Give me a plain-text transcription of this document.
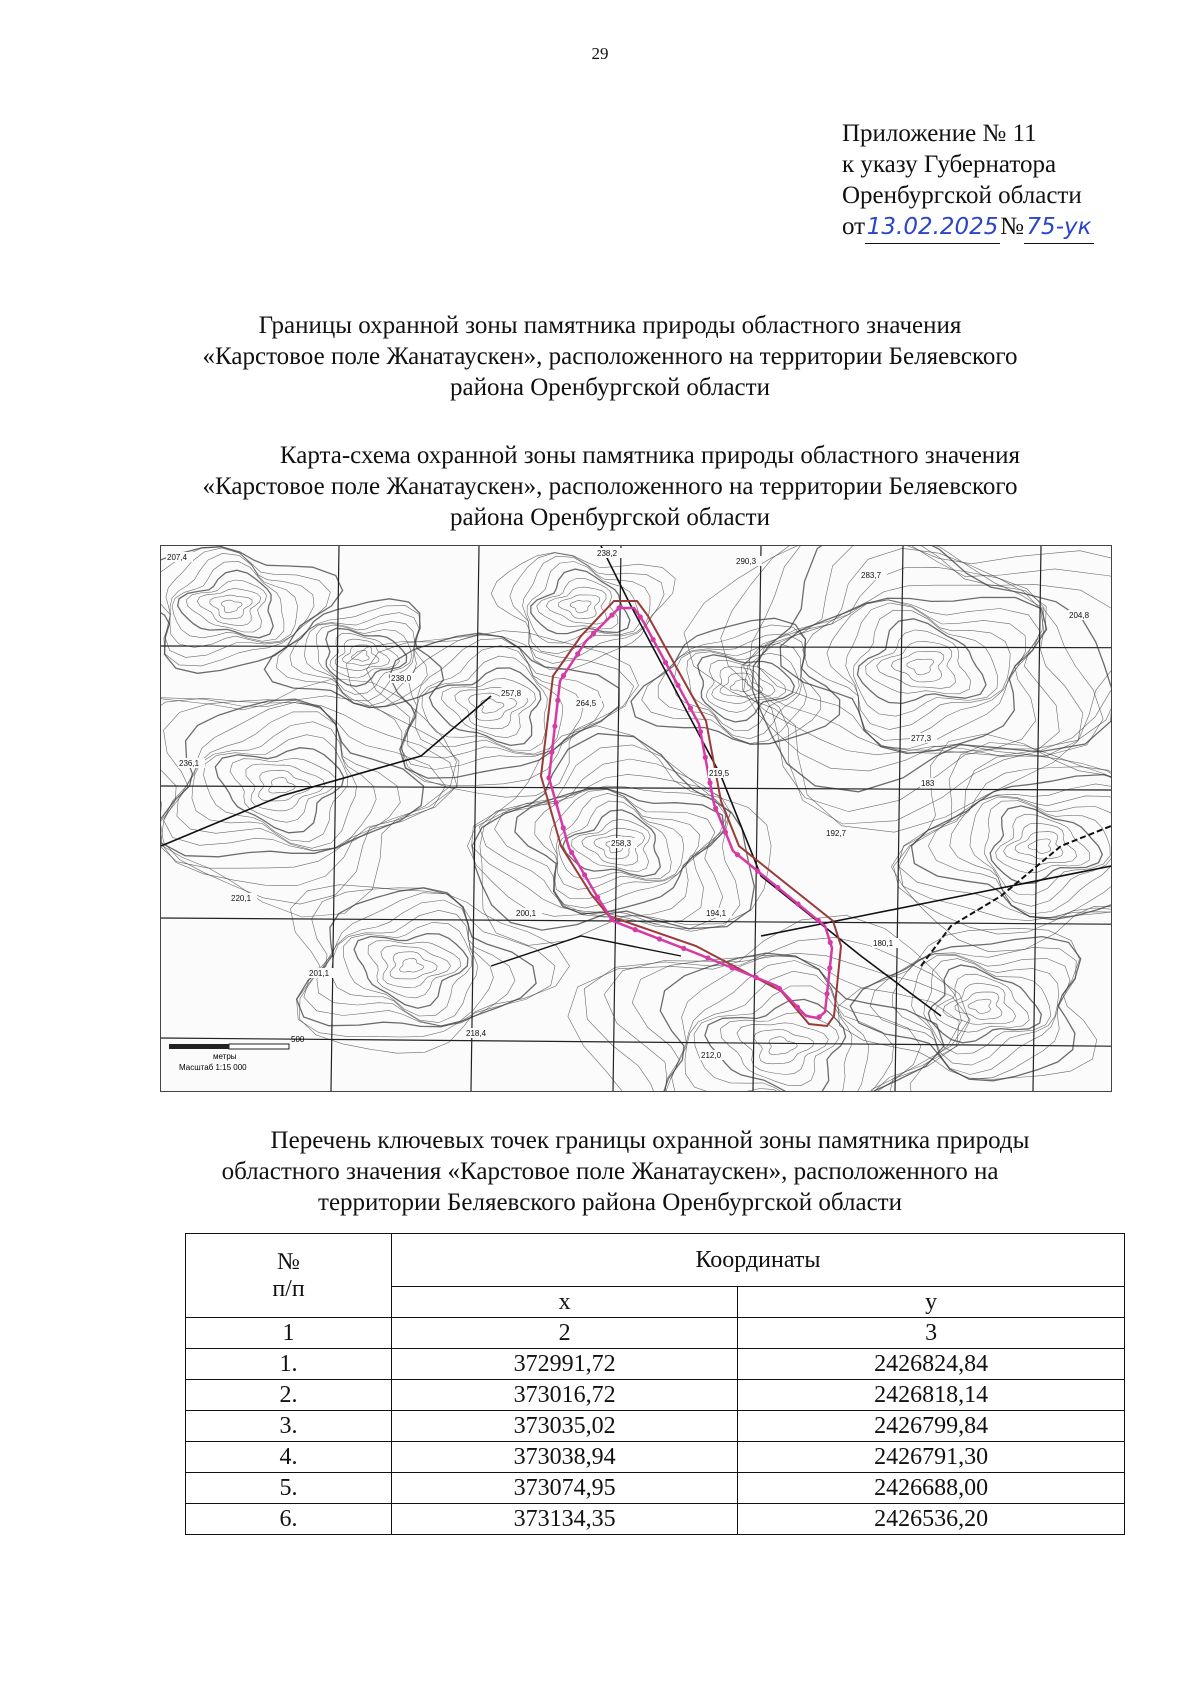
29
Приложение № 11
к указу Губернатора
Оренбургской области
от13.02.2025№ 75-ук
Границы охранной зоны памятника природы областного значения
«Карстовое поле Жанатаускен», расположенного на территории Беляевского
района Оренбургской области
Карта-схема охранной зоны памятника природы областного значения
«Карстовое поле Жанатаускен», расположенного на территории Беляевского
района Оренбургской области
207,4	238,2
290,3
283,7
204,8
238,0
257,8
264,5
277,3
236,1
219,5
258,3
192,7
183
220,1
200,1	194,1
180,1
201,1
218,4
212,0
500
метры
Масштаб 1:15 000
Перечень ключевых точек границы охранной зоны памятника природы
областного значения «Карстовое поле Жанатаускен», расположенного на
территории Беляевского района Оренбургской области
№
п/п	Координаты	
	x	y
1	2	3
1.	372991,72	2426824,84
2.	373016,72	2426818,14
3.	373035,02	2426799,84
4.	373038,94	2426791,30
5.	373074,95	2426688,00
6.	373134,35	2426536,20
